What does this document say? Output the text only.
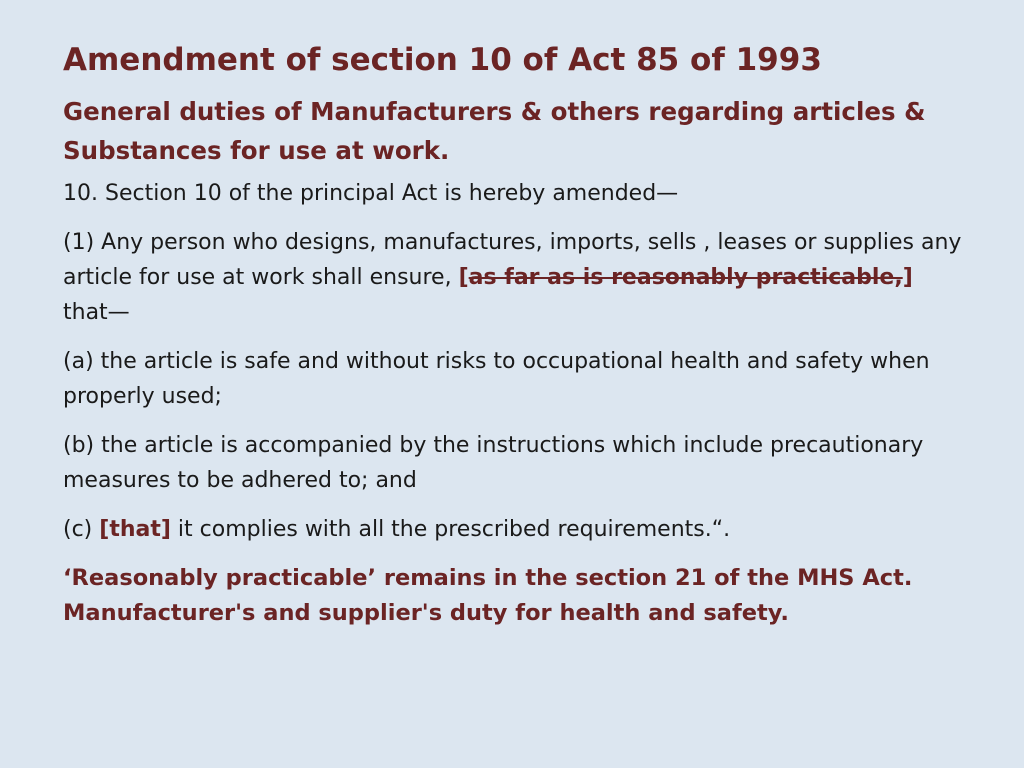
Amendment of section 10 of Act 85 of 1993
General duties of Manufacturers & others regarding articles & Substances for use at work.

10. Section 10 of the principal Act is hereby amended—

(1) Any person who designs, manufactures, imports, sells , leases or supplies any article for use at work shall ensure, [as far as is reasonably practicable,] that—

(a) the article is safe and without risks to occupational health and safety when properly used;

(b) the article is accompanied by the instructions which include precautionary measures to be adhered to; and

(c) [that] it complies with all the prescribed requirements.“.

‘Reasonably practicable’ remains in the section 21 of the MHS Act. Manufacturer's and supplier's duty for health and safety.
